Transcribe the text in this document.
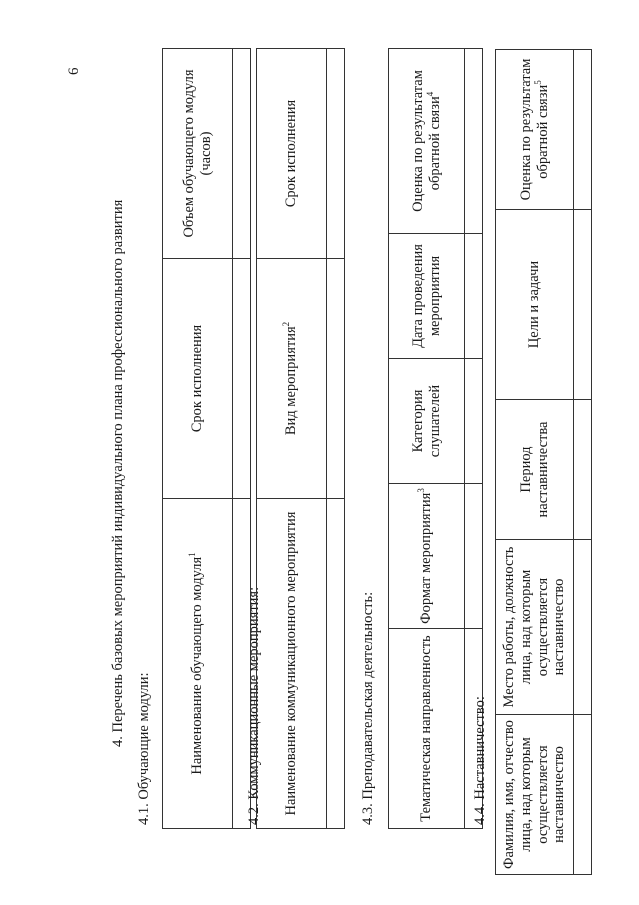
6
4. Перечень базовых мероприятий индивидуального плана профессионального развития
4.1. Обучающие модули:	Наименование обучающего модуля$^1$	Срок исполнения	Объем обучающего модуля (часов)

4.2. Коммуникационные мероприятия: Наименование коммуникационного мероприятия	Вид мероприятия$^2$	Срок исполнения

4.3. Преподавательская деятельность:	Тематическая направленность	Формат мероприятия$^3$	Категория слушателей	Дата проведения мероприятия	Оценка по результатам обратной связи$^4$

4.4. Наставничество: Фамилия, имя, отчество лица, над которым осуществляется наставничество	Место работы, должность лица, над которым осуществляется наставничество	Период наставничества	Цели и задачи	Оценка по результатам обратной связи$^5$
